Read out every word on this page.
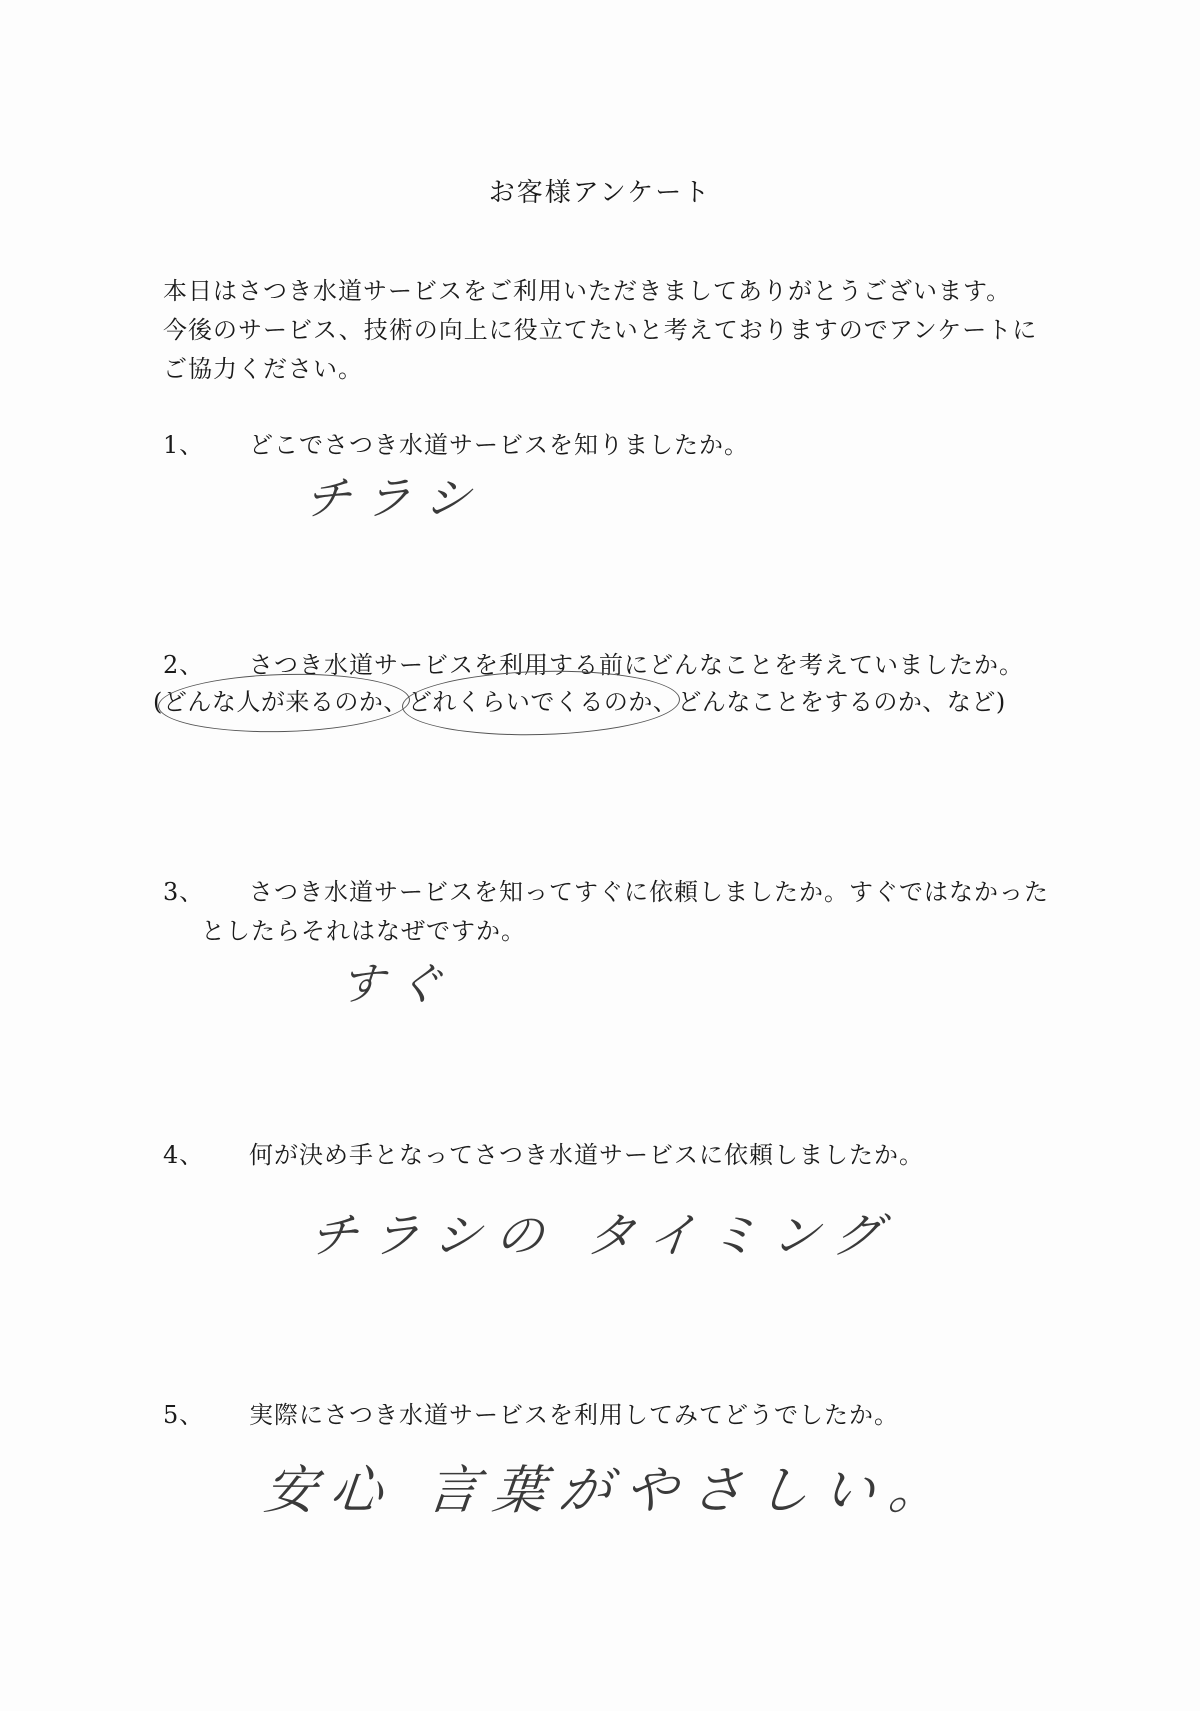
お客様アンケート
本日はさつき水道サービスをご利用いただきましてありがとうございます。
今後のサービス、技術の向上に役立てたいと考えておりますのでアンケートに
ご協力ください。
1、 どこでさつき水道サービスを知りましたか。
チラシ
2、 さつき水道サービスを利用する前にどんなことを考えていましたか。
(どんな人が来るのか、どれくらいでくるのか、どんなことをするのか、など)
3、 さつき水道サービスを知ってすぐに依頼しましたか。すぐではなかった
としたらそれはなぜですか。
すぐ
4、 何が決め手となってさつき水道サービスに依頼しましたか。
チラシの タイミング
5、 実際にさつき水道サービスを利用してみてどうでしたか。
安心 言葉がやさしい。
